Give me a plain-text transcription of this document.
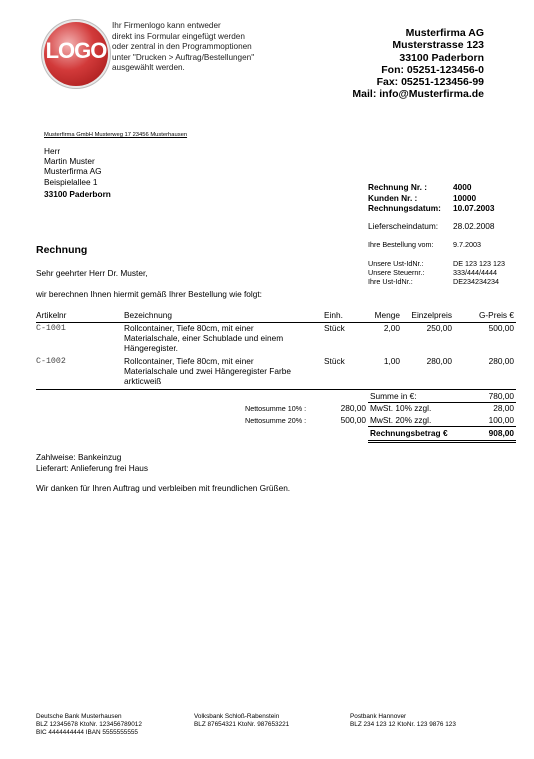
LOGO
Ihr Firmenlogo kann entweder
direkt ins Formular eingefügt werden
oder zentral in den Programmoptionen
unter "Drucken > Auftrag/Bestellungen"
ausgewählt werden.
Musterfirma AG
Musterstrasse 123
33100 Paderborn
Fon: 05251-123456-0
Fax: 05251-123456-99
Mail: info@Musterfirma.de
Musterfirma GmbH Musterweg 17 23456 Musterhausen
Herr
Martin Muster
Musterfirma AG
Beispielallee 1
33100 Paderborn
Rechnung Nr. :	4000
Kunden Nr. :	10000
Rechnungsdatum:	10.07.2003
Lieferscheindatum:	28.02.2008
Ihre Bestellung vom:	9.7.2003
Unsere Ust-IdNr.:	DE 123 123 123
Unsere Steuernr.:	333/444/4444
Ihre Ust-IdNr.:	DE234234234
Rechnung
Sehr geehrter Herr Dr. Muster,
wir berechnen Ihnen hiermit gemäß Ihrer Bestellung wie folgt:
Artikelnr	Bezeichnung	Einh.	Menge	Einzelpreis	G-Preis €
C-1001	Rollcontainer, Tiefe 80cm, mit einer
Materialschale, einer Schublade und einem
Hängeregister.
Stück	2,00	250,00	500,00
C-1002	Rollcontainer, Tiefe 80cm, mit einer
Materialschale und zwei Hängeregister Farbe
arktiсweiß
Stück	1,00	280,00	280,00
Summe in €:	780,00
Nettosumme 10% :	280,00 MwSt. 10% zzgl.	28,00
Nettosumme 20% :	500,00 MwSt. 20% zzgl.	100,00
Rechnungsbetrag €	908,00
Zahlweise: Bankeinzug
Lieferart: Anlieferung frei Haus
Wir danken für Ihren Auftrag und verbleiben mit freundlichen Grüßen.
Deutsche Bank Musterhausen
BLZ 12345678 KtoNr. 123456789012
BIC 4444444444 IBAN 5555555555
Volksbank Schloß-Rabenstein
BLZ 87654321 KtoNr. 987653221
Postbank Hannover
BLZ 234 123 12 KtoNr. 123 9876 123
